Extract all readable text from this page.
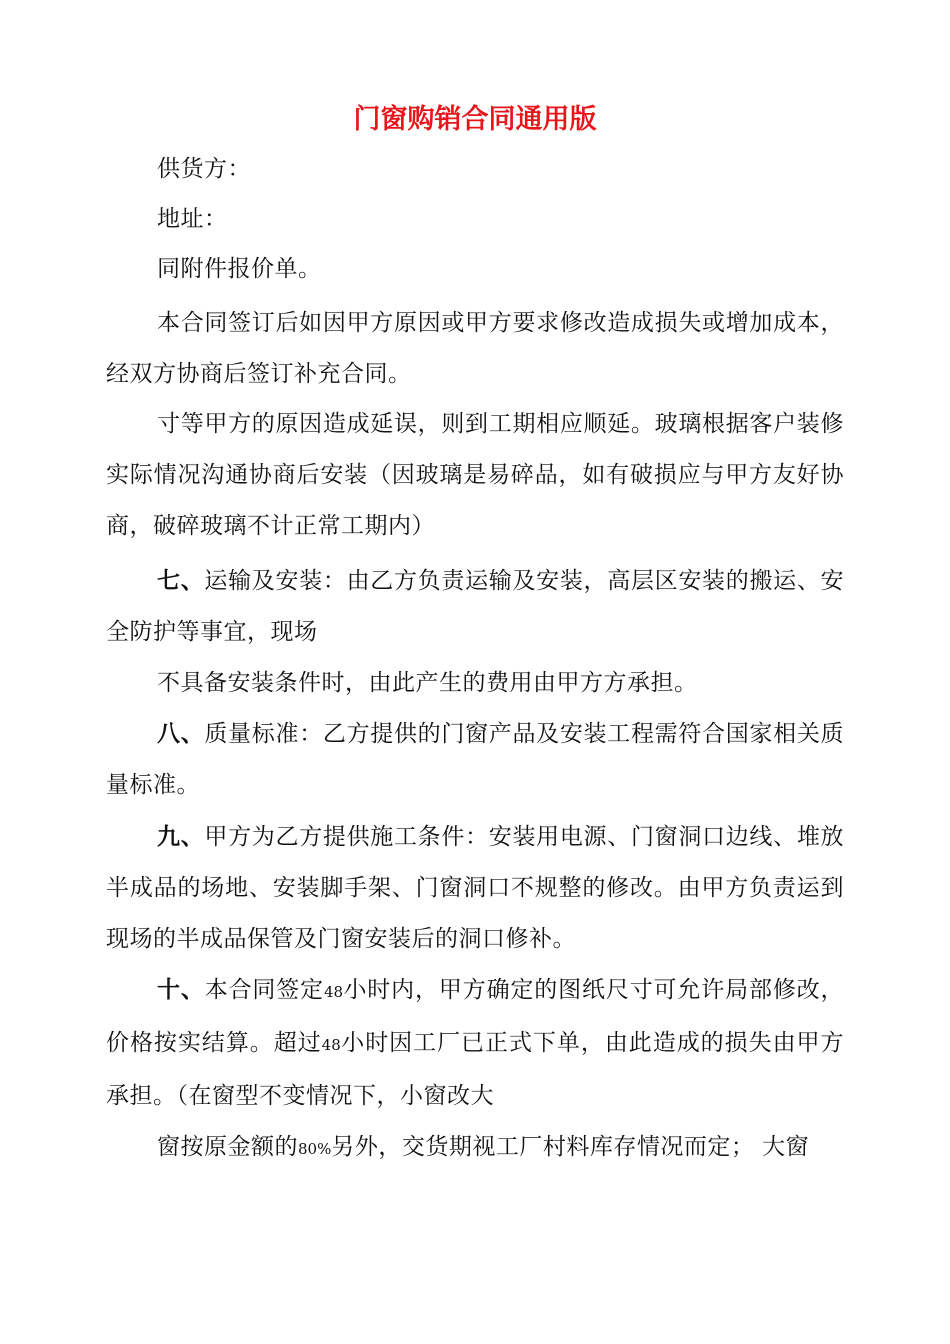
门窗购销合同通用版
供货方：
地址：
同附件报价单。
本合同签订后如因甲方原因或甲方要求修改造成损失或增加成本，经双方协商后签订补充合同。
寸等甲方的原因造成延误，则到工期相应顺延。玻璃根据客户装修实际情况沟通协商后安装（因玻璃是易碎品，如有破损应与甲方友好协商，破碎玻璃不计正常工期内）
七、运输及安装：由乙方负责运输及安装，高层区安装的搬运、安全防护等事宜，现场
不具备安装条件时，由此产生的费用由甲方方承担。
八、质量标准：乙方提供的门窗产品及安装工程需符合国家相关质量标准。
九、甲方为乙方提供施工条件：安装用电源、门窗洞口边线、堆放半成品的场地、安装脚手架、门窗洞口不规整的修改。由甲方负责运到现场的半成品保管及门窗安装后的洞口修补。
十、本合同签定48小时内，甲方确定的图纸尺寸可允许局部修改，价格按实结算。超过48小时因工厂已正式下单，由此造成的损失由甲方承担。（在窗型不变情况下，小窗改大
窗按原金额的80%另外，交货期视工厂村料库存情况而定； 大窗
